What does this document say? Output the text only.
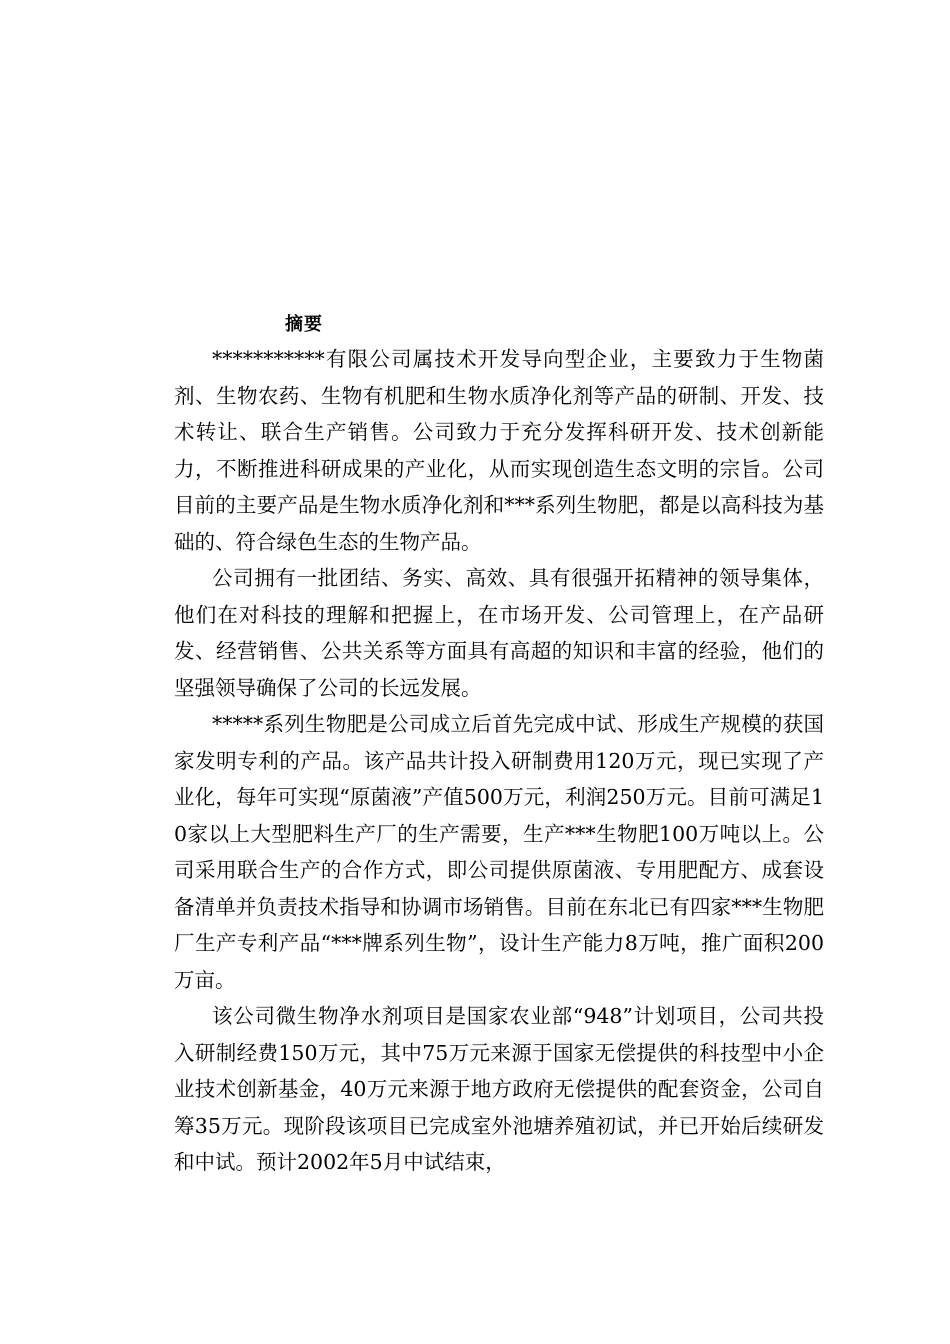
摘要

***********有限公司属技术开发导向型企业，主要致力于生物菌剂、生物农药、生物有机肥和生物水质净化剂等产品的研制、开发、技术转让、联合生产销售。公司致力于充分发挥科研开发、技术创新能力，不断推进科研成果的产业化，从而实现创造生态文明的宗旨。公司目前的主要产品是生物水质净化剂和***系列生物肥，都是以高科技为基础的、符合绿色生态的生物产品。

公司拥有一批团结、务实、高效、具有很强开拓精神的领导集体，他们在对科技的理解和把握上，在市场开发、公司管理上，在产品研发、经营销售、公共关系等方面具有高超的知识和丰富的经验，他们的坚强领导确保了公司的长远发展。

*****系列生物肥是公司成立后首先完成中试、形成生产规模的获国家发明专利的产品。该产品共计投入研制费用120万元，现已实现了产业化，每年可实现“原菌液”产值500万元，利润250万元。目前可满足10家以上大型肥料生产厂的生产需要，生产***生物肥100万吨以上。公司采用联合生产的合作方式，即公司提供原菌液、专用肥配方、成套设备清单并负责技术指导和协调市场销售。目前在东北已有四家***生物肥厂生产专利产品“***牌系列生物”，设计生产能力8万吨，推广面积200万亩。

该公司微生物净水剂项目是国家农业部“948”计划项目，公司共投入研制经费150万元，其中75万元来源于国家无偿提供的科技型中小企业技术创新基金，40万元来源于地方政府无偿提供的配套资金，公司自筹35万元。现阶段该项目已完成室外池塘养殖初试，并已开始后续研发和中试。预计2002年5月中试结束，
